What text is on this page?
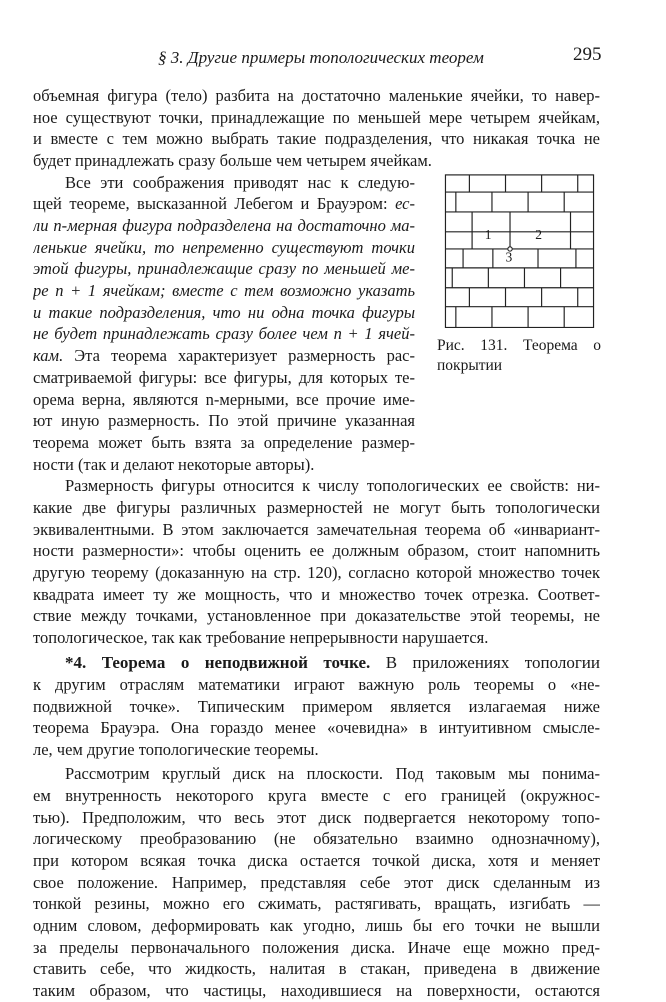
§ 3. Другие примеры топологических теорем	295
объемная фигура (тело) разбита на достаточно маленькие ячейки, то навер-
ное существуют точки, принадлежащие по меньшей мере четырем ячейкам,
и вместе с тем можно выбрать такие подразделения, что никакая точка не
будет принадлежать сразу больше чем четырем ячейкам.
Все эти соображения приводят нас к следую-
щей теореме, высказанной Лебегом и Брауэром: ес-
ли n-мерная фигура подразделена на достаточно ма-
ленькие ячейки, то непременно существуют точки
этой фигуры, принадлежащие сразу по меньшей ме-
ре n + 1 ячейкам; вместе с тем возможно указать
и такие подразделения, что ни одна точка фигуры
не будет принадлежать сразу более чем n + 1 ячей-
кам. Эта теорема характеризует размерность рас-
сматриваемой фигуры: все фигуры, для которых те-
орема верна, являются n-мерными, все прочие име-
ют иную размерность. По этой причине указанная
теорема может быть взята за определение размер-
ности (так и делают некоторые авторы).
1	2
3
Рис. 131. Теорема о
покрытии
Размерность фигуры относится к числу топологических ее свойств: ни-
какие две фигуры различных размерностей не могут быть топологически
эквивалентными. В этом заключается замечательная теорема об «инвариант-
ности размерности»: чтобы оценить ее должным образом, стоит напомнить
другую теорему (доказанную на стр. 120), согласно которой множество точек
квадрата имеет ту же мощность, что и множество точек отрезка. Соответ-
ствие между точками, установленное при доказательстве этой теоремы, не
топологическое, так как требование непрерывности нарушается.
*4. Теорема о неподвижной точке. В приложениях топологии
к другим отраслям математики играют важную роль теоремы о «не-
подвижной точке». Типическим примером является излагаемая ниже
теорема Брауэра. Она гораздо менее «очевидна» в интуитивном смысле-
ле, чем другие топологические теоремы.
Рассмотрим круглый диск на плоскости. Под таковым мы понима-
ем внутренность некоторого круга вместе с его границей (окружнос-
тью). Предположим, что весь этот диск подвергается некоторому топо-
логическому преобразованию (не обязательно взаимно однозначному),
при котором всякая точка диска остается точкой диска, хотя и меняет
свое положение. Например, представляя себе этот диск сделанным из
тонкой резины, можно его сжимать, растягивать, вращать, изгибать —
одним словом, деформировать как угодно, лишь бы его точки не вышли
за пределы первоначального положения диска. Иначе еще можно пред-
ставить себе, что жидкость, налитая в стакан, приведена в движение
таким образом, что частицы, находившиеся на поверхности, остаются
